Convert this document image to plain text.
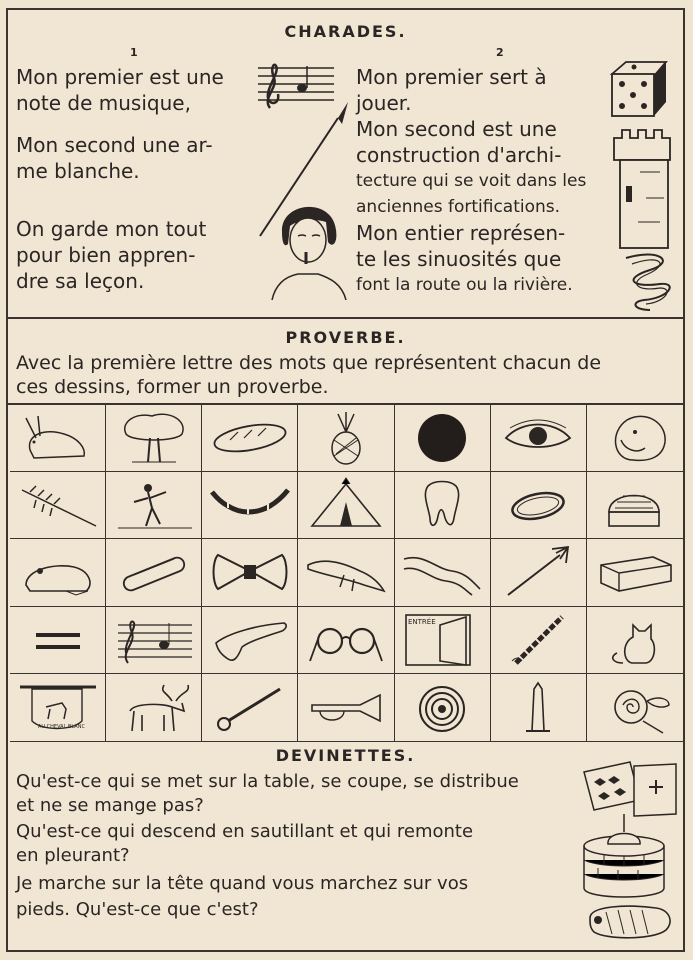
CHARADES.
1	2
Mon premier est une
note de musique,
Mon second une ar-
me blanche.
On garde mon tout
pour bien appren-
dre sa leçon.
Mon premier sert à
jouer.
Mon second est une
construction d'archi-
tecture qui se voit dans les
anciennes fortifications.
Mon entier représen-
te les sinuosités que
font la route ou la rivière.
PROVERBE.
Avec la première lettre des mots que représentent chacun de
ces dessins, former un proverbe.
ENTRÉE
AU CHEVAL BLANC
DEVINETTES.
Qu'est-ce qui se met sur la table, se coupe, se distribue
et ne se mange pas?
Qu'est-ce qui descend en sautillant et qui remonte
en pleurant?
Je marche sur la tête quand vous marchez sur vos
pieds. Qu'est-ce que c'est?
